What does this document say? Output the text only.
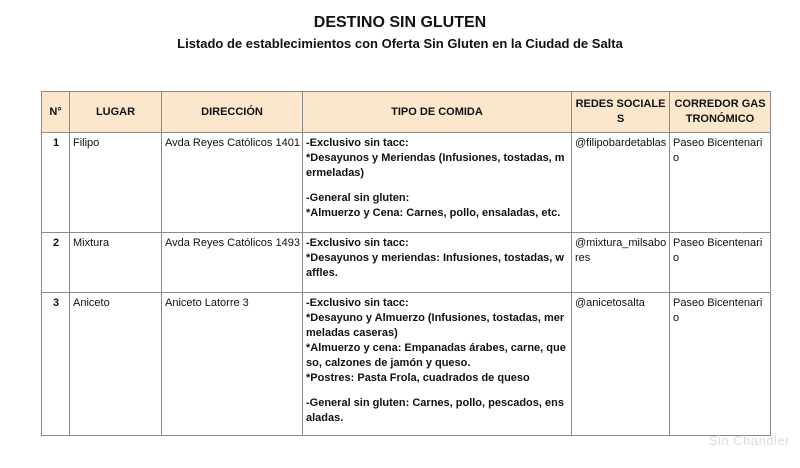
DESTINO SIN GLUTEN
Listado de establecimientos con Oferta Sin Gluten en la Ciudad de Salta
N°	LUGAR	DIRECCIÓN	TIPO DE COMIDA	REDES SOCIALES	CORREDOR GASTRONÓMICO
1	Filipo	Avda Reyes Católicos 1401	-Exclusivo sin tacc:
*Desayunos y Meriendas (Infusiones, tostadas, mermeladas)
-General sin gluten:
*Almuerzo y Cena: Carnes, pollo, ensaladas, etc.	@filipobardetablas	Paseo Bicentenario
2	Mixtura	Avda Reyes Católicos 1493	-Exclusivo sin tacc:
*Desayunos y meriendas: Infusiones, tostadas, waffles.	@mixtura_milsabores	Paseo Bicentenario
3	Aniceto	Aniceto Latorre 3	-Exclusivo sin tacc:
*Desayuno y Almuerzo (Infusiones, tostadas, mermeladas caseras)
*Almuerzo y cena: Empanadas árabes, carne, queso, calzones de jamón y queso.
*Postres: Pasta Frola, cuadrados de queso
-General sin gluten: Carnes, pollo, pescados, ensaladas.	@anicetosalta	Paseo Bicentenario
Sin Chandler
